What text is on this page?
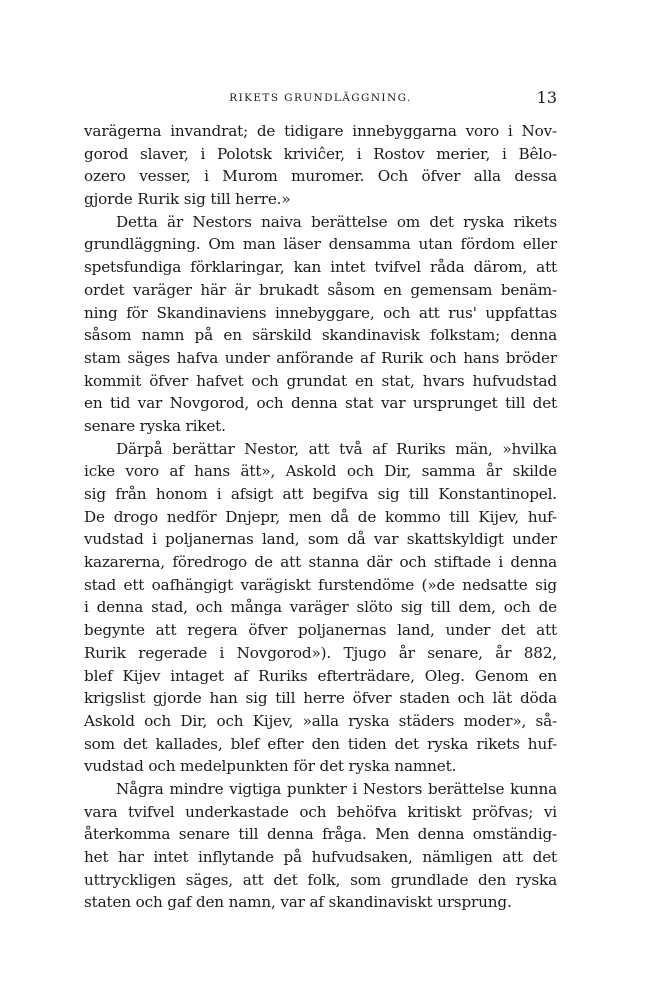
RIKETS GRUNDLÄGGNING.	13
varägerna invandrat; de tidigare innebyggarna voro i Nov-
gorod slaver, i Polotsk kriviĉer, i Rostov merier, i Bêlo-
ozero vesser, i Murom muromer. Och öfver alla dessa
gjorde Rurik sig till herre.»
Detta är Nestors naiva berättelse om det ryska rikets
grundläggning. Om man läser densamma utan fördom eller
spetsfundiga förklaringar, kan intet tvifvel råda därom, att
ordet varäger här är brukadt såsom en gemensam benäm-
ning för Skandinaviens innebyggare, och att rus' uppfattas
såsom namn på en särskild skandinavisk folkstam; denna
stam säges hafva under anförande af Rurik och hans bröder
kommit öfver hafvet och grundat en stat, hvars hufvudstad
en tid var Novgorod, och denna stat var ursprunget till det
senare ryska riket.
Därpå berättar Nestor, att två af Ruriks män, »hvilka
icke voro af hans ätt», Askold och Dir, samma år skilde
sig från honom i afsigt att begifva sig till Konstantinopel.
De drogo nedför Dnjepr, men då de kommo till Kijev, huf-
vudstad i poljanernas land, som då var skattskyldigt under
kazarerna, föredrogo de att stanna där och stiftade i denna
stad ett oafhängigt varägiskt furstendöme (»de nedsatte sig
i denna stad, och många varäger slöto sig till dem, och de
begynte att regera öfver poljanernas land, under det att
Rurik regerade i Novgorod»). Tjugo år senare, år 882,
blef Kijev intaget af Ruriks efterträdare, Oleg. Genom en
krigslist gjorde han sig till herre öfver staden och lät döda
Askold och Dir, och Kijev, »alla ryska städers moder», så-
som det kallades, blef efter den tiden det ryska rikets huf-
vudstad och medelpunkten för det ryska namnet.
Några mindre vigtiga punkter i Nestors berättelse kunna
vara tvifvel underkastade och behöfva kritiskt pröfvas; vi
återkomma senare till denna fråga. Men denna omständig-
het har intet inflytande på hufvudsaken, nämligen att det
uttryckligen säges, att det folk, som grundlade den ryska
staten och gaf den namn, var af skandinaviskt ursprung.
